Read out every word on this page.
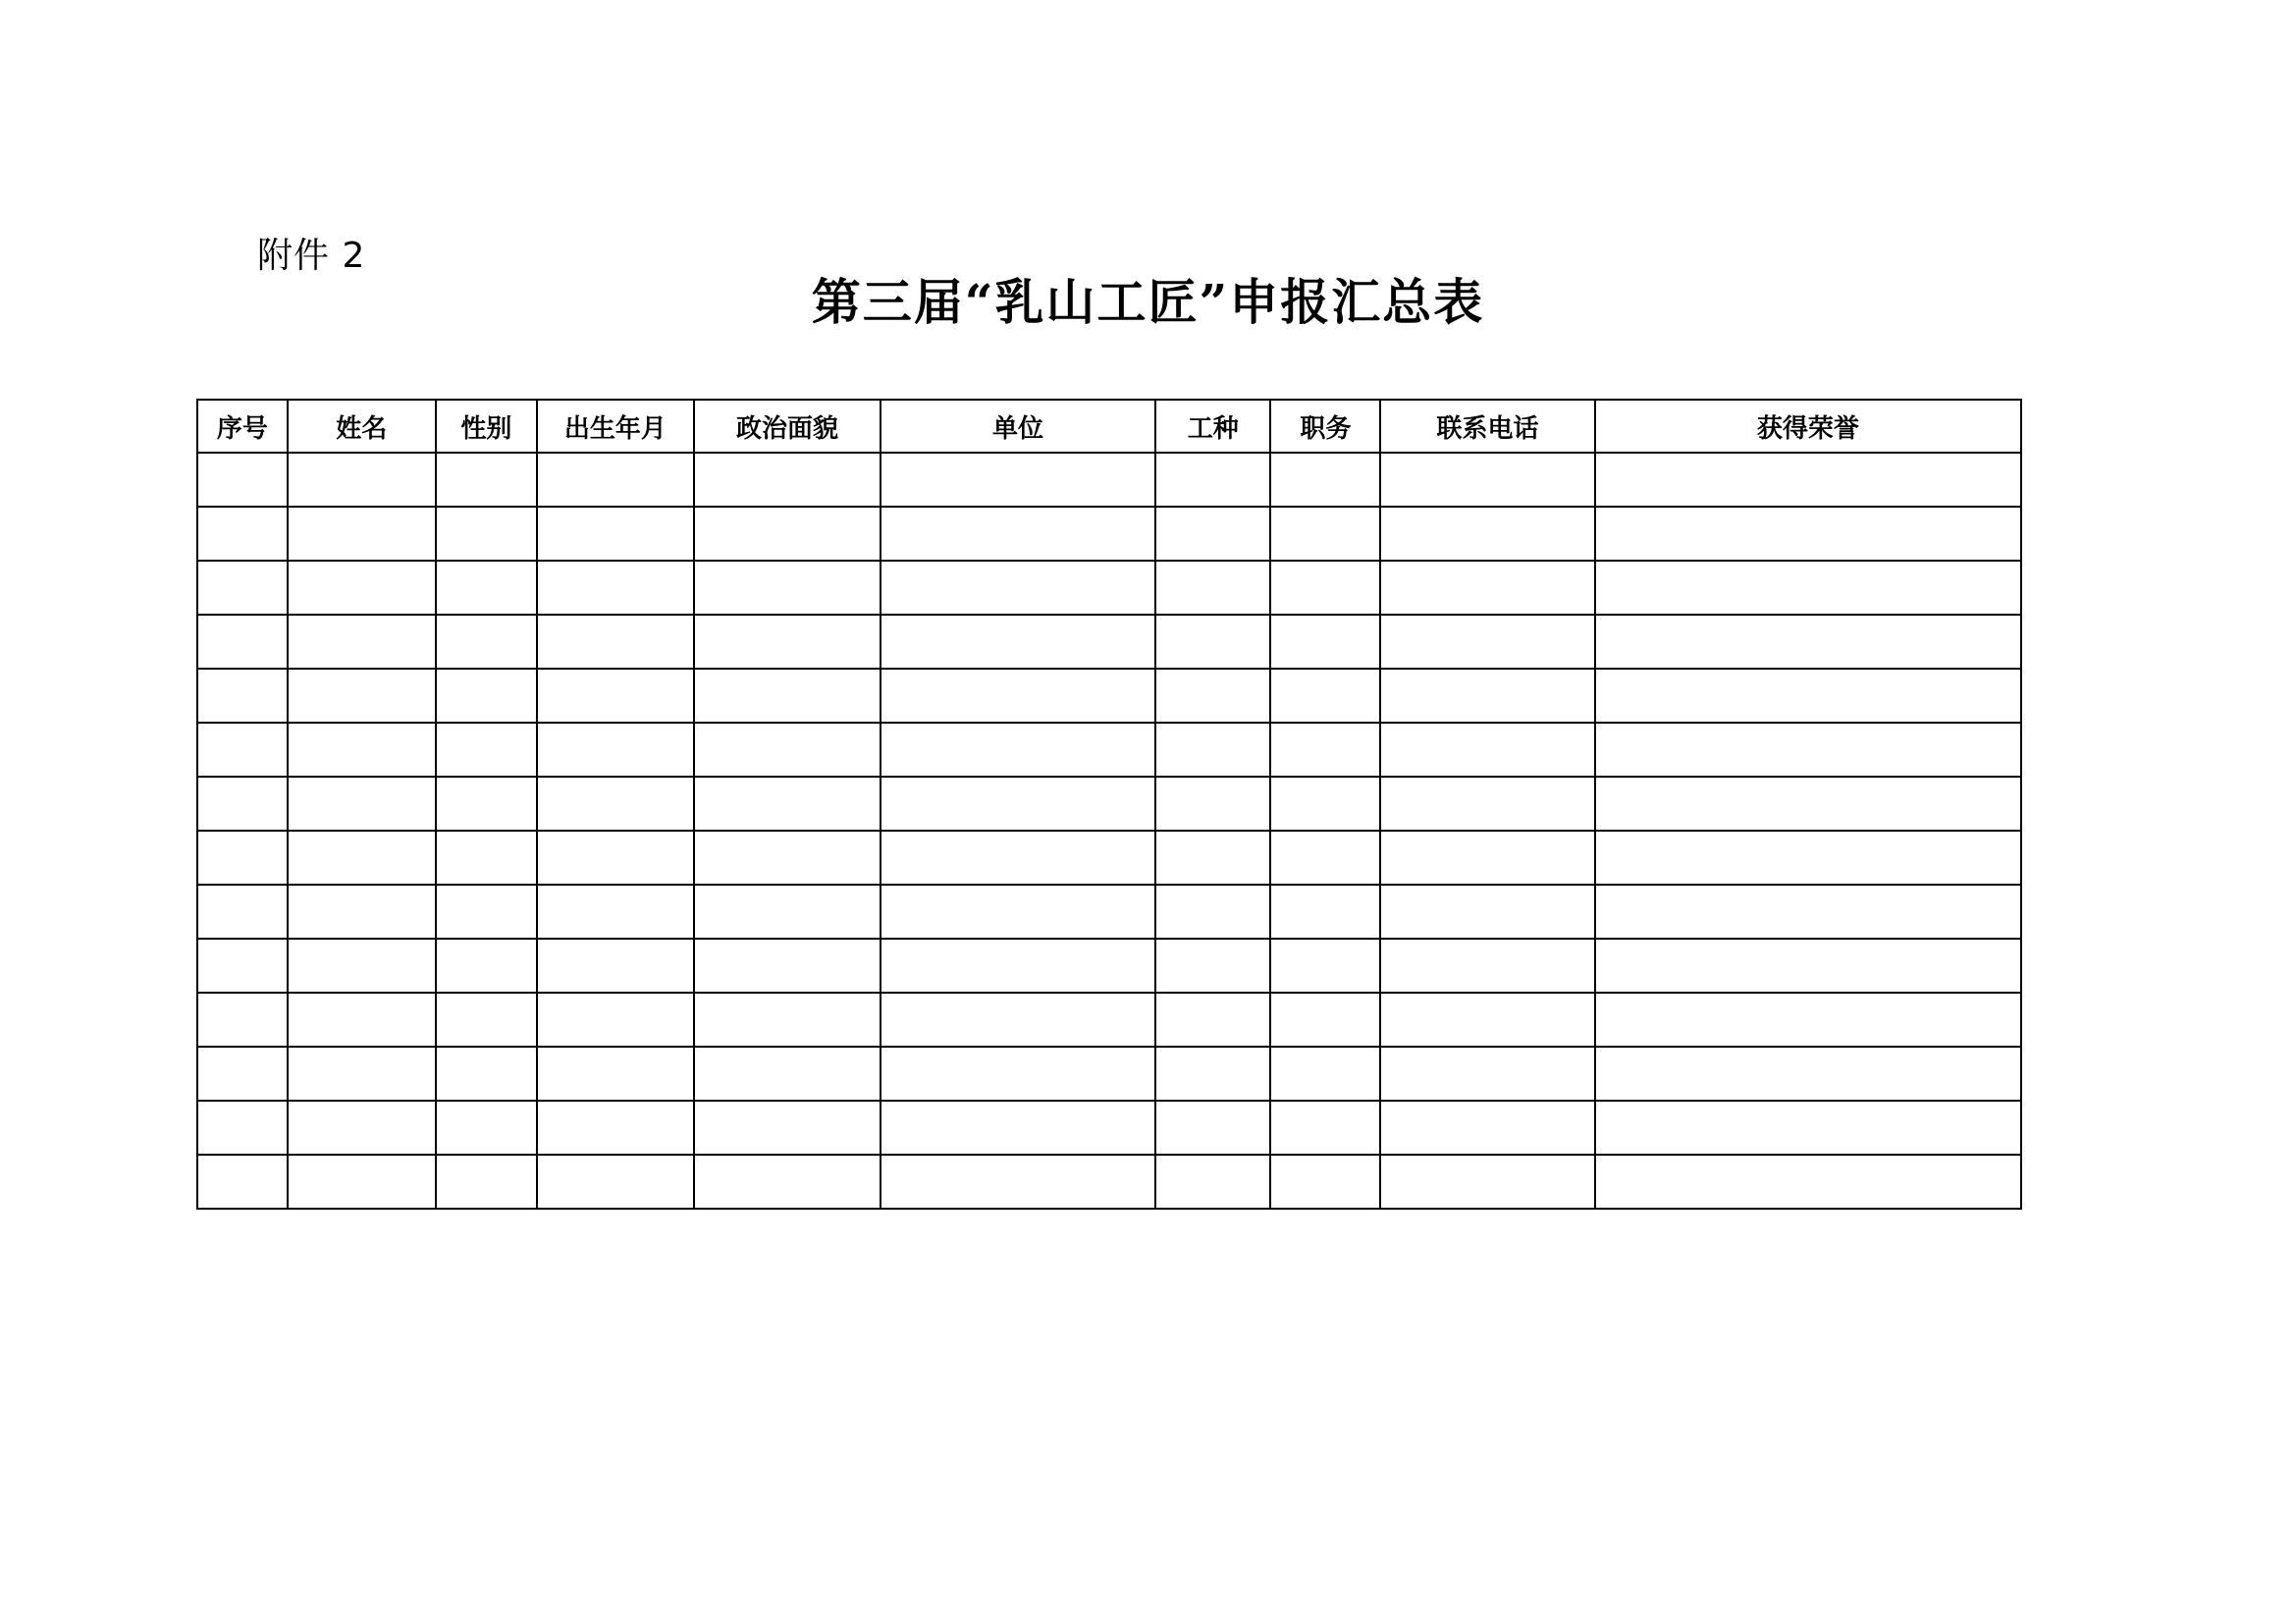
附件 2
第三届“乳山工匠”申报汇总表
序号	姓名	性别	出生年月	政治面貌	单位	工种	职务	联系电话	获得荣誉
